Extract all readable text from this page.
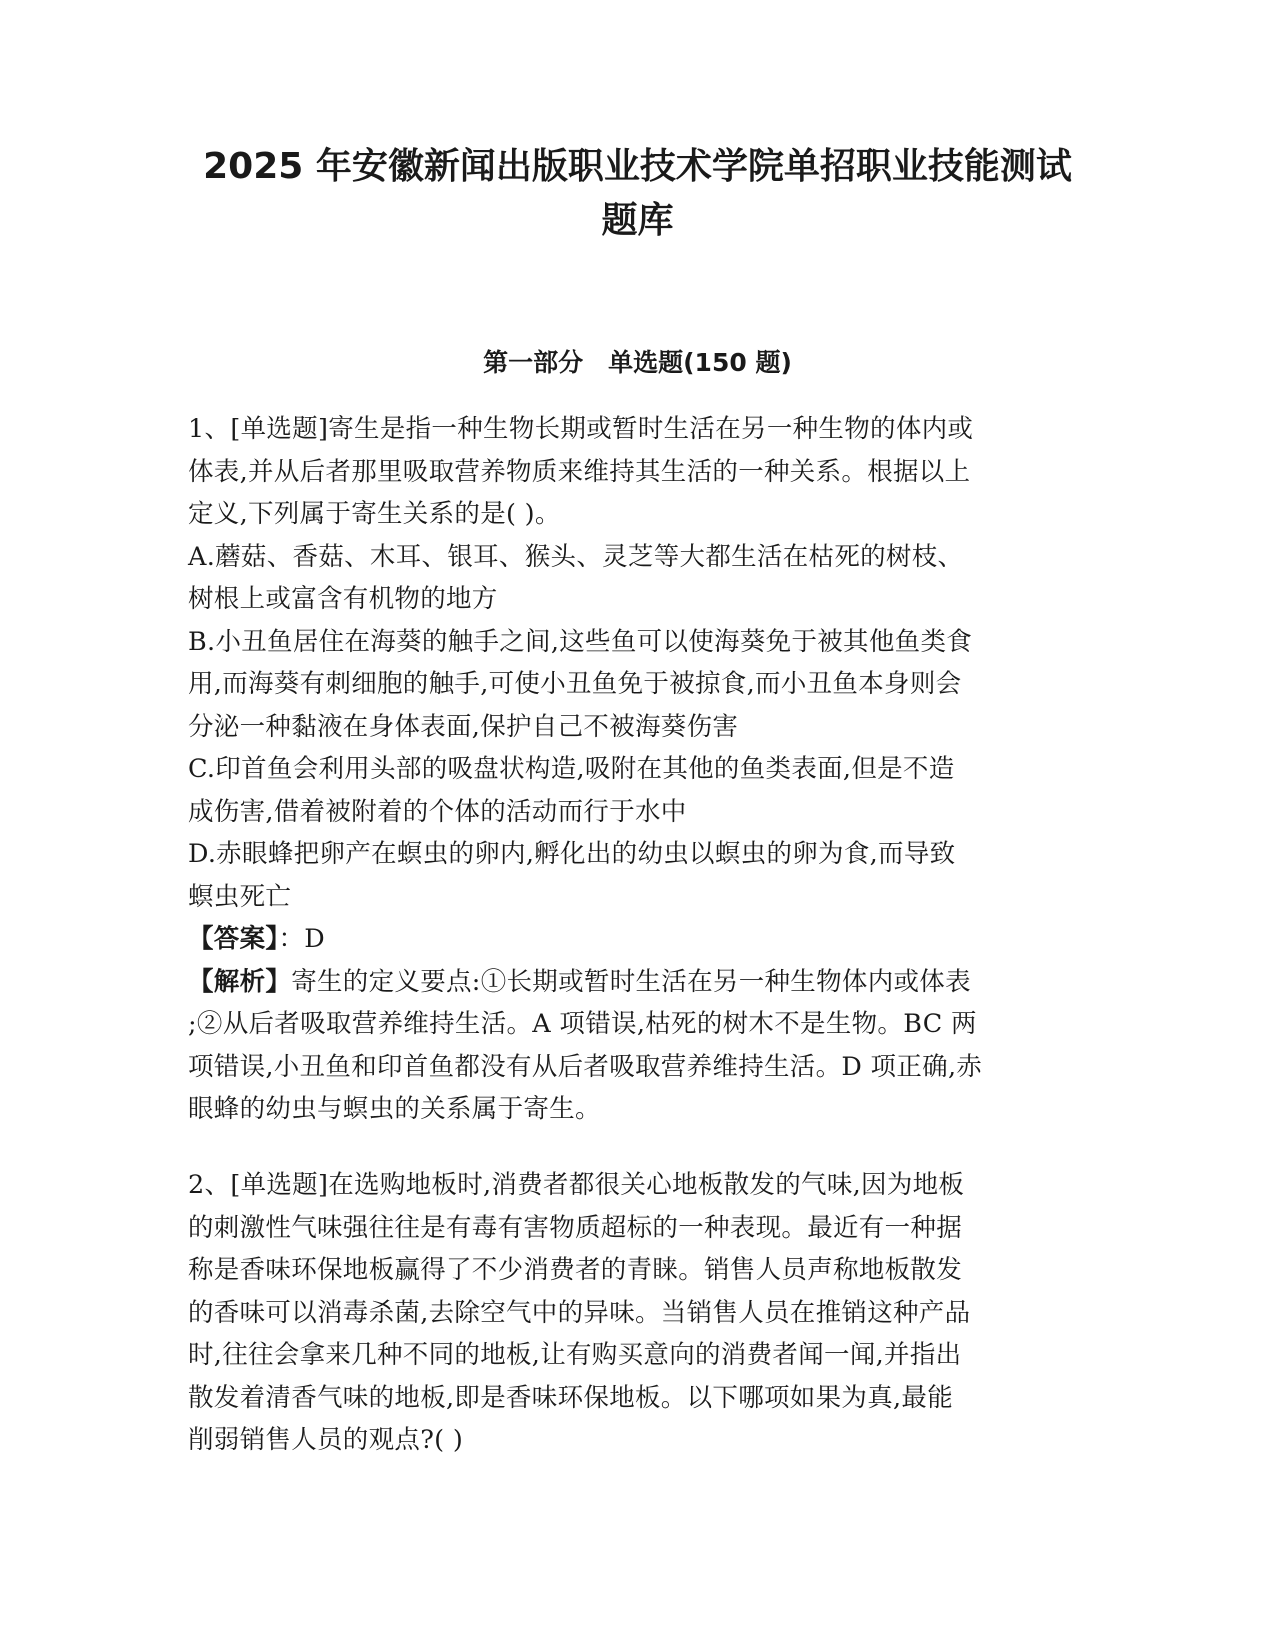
2025 年安徽新闻出版职业技术学院单招职业技能测试
题库
第一部分　单选题(150 题)
1、[单选题]寄生是指一种生物长期或暂时生活在另一种生物的体内或
体表,并从后者那里吸取营养物质来维持其生活的一种关系。根据以上
定义,下列属于寄生关系的是( )。
A.蘑菇、香菇、木耳、银耳、猴头、灵芝等大都生活在枯死的树枝、
树根上或富含有机物的地方
B.小丑鱼居住在海葵的触手之间,这些鱼可以使海葵免于被其他鱼类食
用,而海葵有刺细胞的触手,可使小丑鱼免于被掠食,而小丑鱼本身则会
分泌一种黏液在身体表面,保护自己不被海葵伤害
C.印首鱼会利用头部的吸盘状构造,吸附在其他的鱼类表面,但是不造
成伤害,借着被附着的个体的活动而行于水中
D.赤眼蜂把卵产在螟虫的卵内,孵化出的幼虫以螟虫的卵为食,而导致
螟虫死亡
【答案】：D
【解析】寄生的定义要点:①长期或暂时生活在另一种生物体内或体表
;②从后者吸取营养维持生活。A 项错误,枯死的树木不是生物。BC 两
项错误,小丑鱼和印首鱼都没有从后者吸取营养维持生活。D 项正确,赤
眼蜂的幼虫与螟虫的关系属于寄生。
2、[单选题]在选购地板时,消费者都很关心地板散发的气味,因为地板
的刺激性气味强往往是有毒有害物质超标的一种表现。最近有一种据
称是香味环保地板赢得了不少消费者的青睐。销售人员声称地板散发
的香味可以消毒杀菌,去除空气中的异味。当销售人员在推销这种产品
时,往往会拿来几种不同的地板,让有购买意向的消费者闻一闻,并指出
散发着清香气味的地板,即是香味环保地板。以下哪项如果为真,最能
削弱销售人员的观点?( )
